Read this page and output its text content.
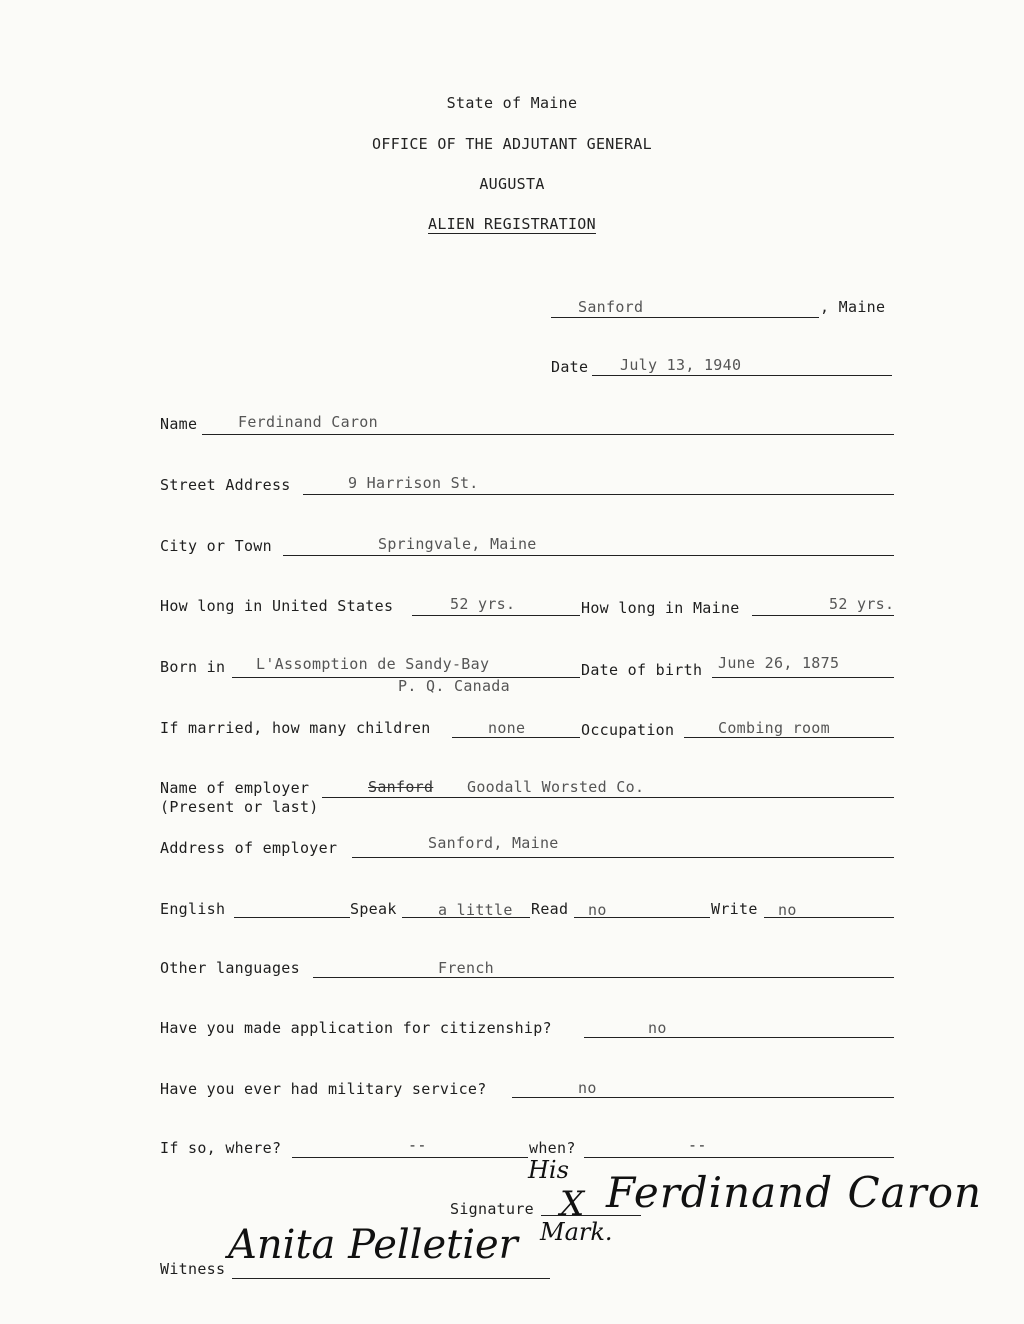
State of Maine
OFFICE OF THE ADJUTANT GENERAL
AUGUSTA
ALIEN REGISTRATION
Sanford	, Maine
Date July 13, 1940
Name	Ferdinand Caron
Street Address	9 Harrison St.
City or Town	Springvale, Maine
How long in United States	52 yrs.	How long in Maine	52 yrs.
Born in L'Assomption de Sandy-Bay
P. Q. Canada
Date of birth June 26, 1875
If married, how many children	none	Occupation	Combing room
Name of employer
(Present or last)
Sanford Goodall Worsted Co.
Address of employer	Sanford, Maine
English	Speak	a little Read no	Write no
Other languages	French
Have you made application for citizenship?	no
Have you ever had military service?	no
If so, where?	--	when?	--
Signature
His
X Ferdinand Caron
Mark.
Witness
Anita Pelletier
